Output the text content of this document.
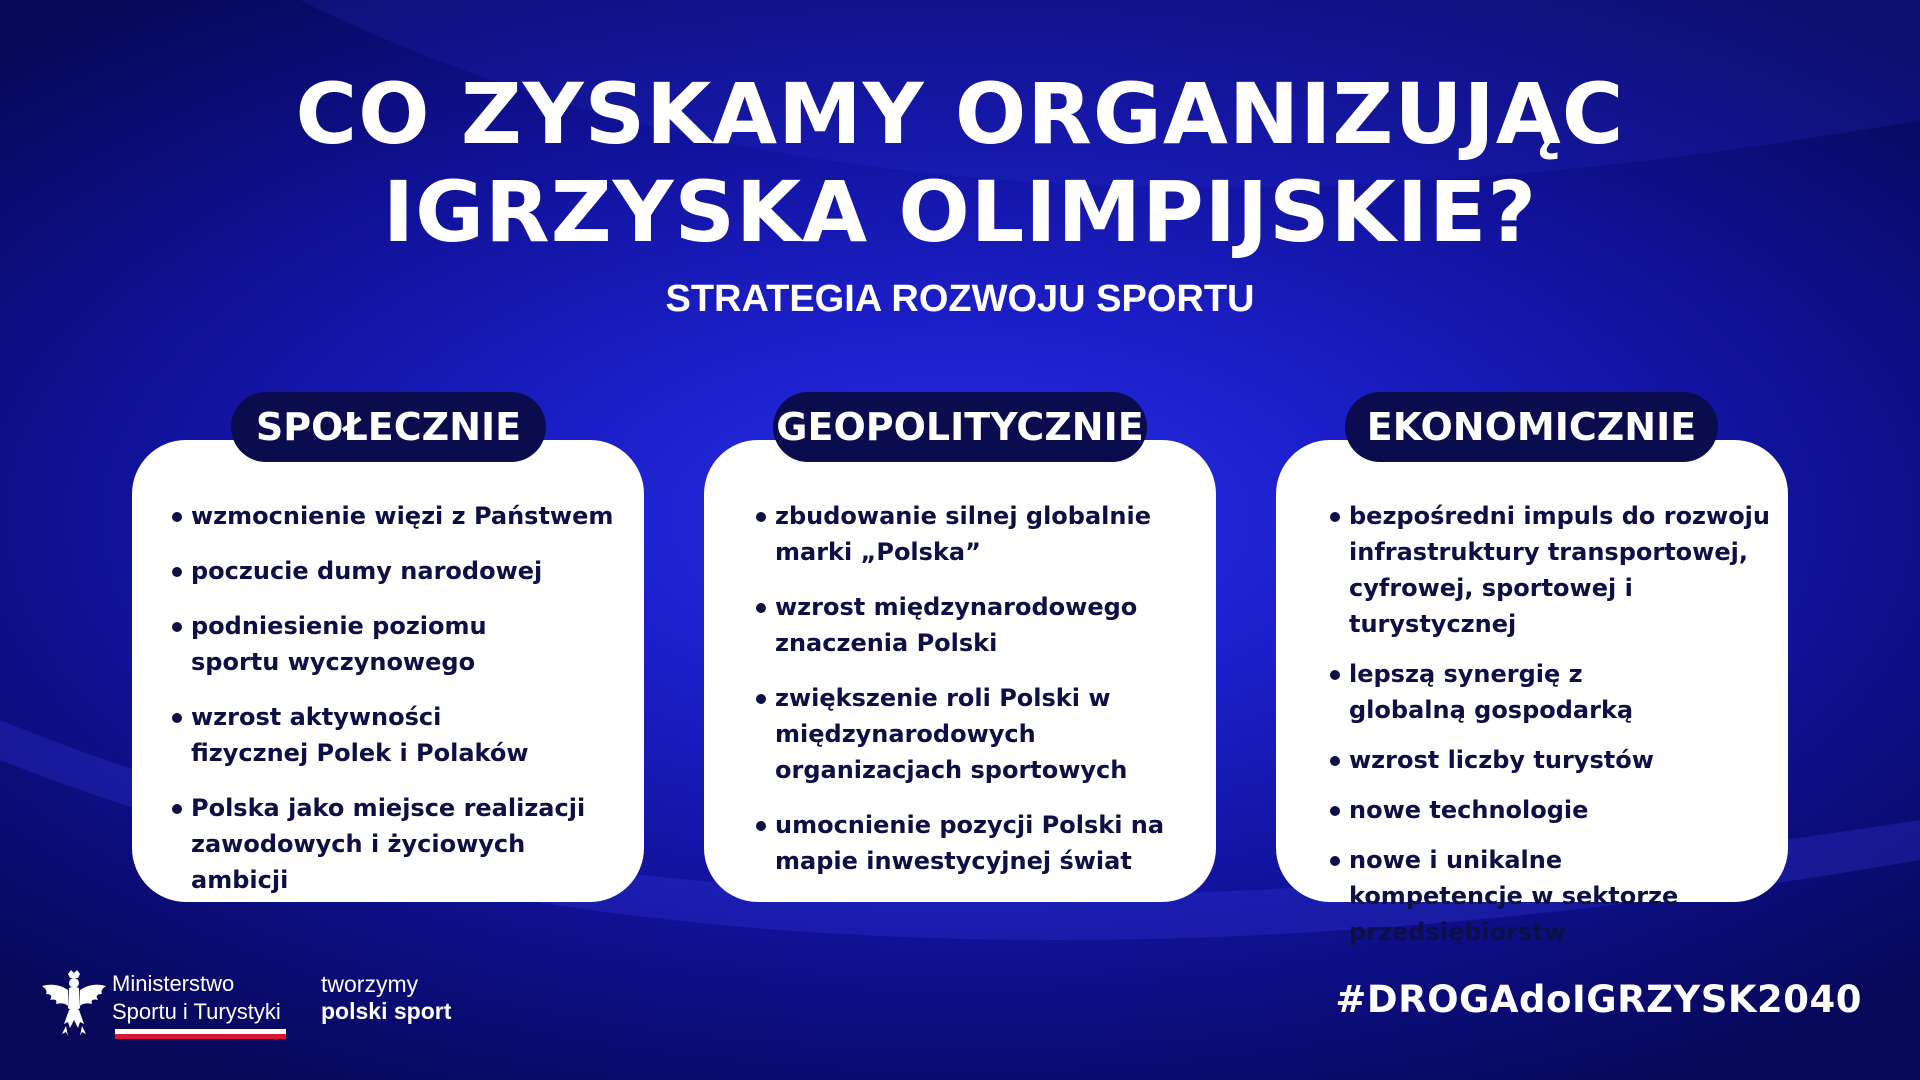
CO ZYSKAMY ORGANIZUJĄC
IGRZYSKA OLIMPIJSKIE?
STRATEGIA ROZWOJU SPORTU
wzmocnienie więzi z Państwem
poczucie dumy narodowej
podniesienie poziomu sportu wyczynowego
wzrost aktywności fizycznej Polek i Polaków
Polska jako miejsce realizacji zawodowych i życiowych ambicji
SPOŁECZNIE
zbudowanie silnej globalnie marki „Polska”
wzrost międzynarodowego znaczenia Polski
zwiększenie roli Polski w międzynarodowych organizacjach sportowych
umocnienie pozycji Polski na mapie inwestycyjnej świat
GEOPOLITYCZNIE
bezpośredni impuls do rozwoju infrastruktury transportowej, cyfrowej, sportowej i turystycznej
lepszą synergię z globalną gospodarką
wzrost liczby turystów
nowe technologie
nowe i unikalne kompetencje w sektorze przedsiębiorstw
EKONOMICZNIE
Ministerstwo
Sportu i Turystyki
tworzymy
polski sport	#DROGAdoIGRZYSK2040
